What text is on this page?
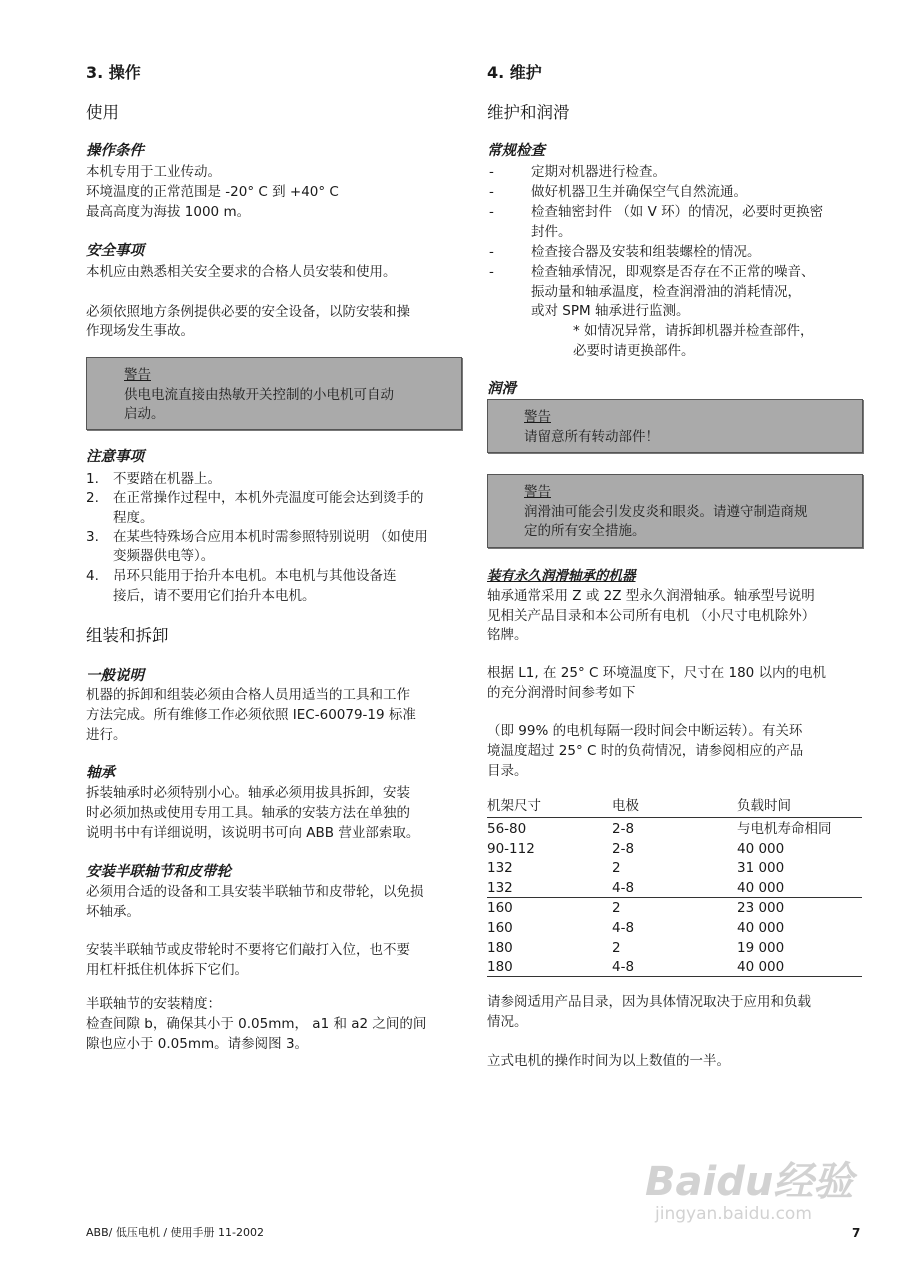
3. 操作
使用
操作条件
本机专用于工业传动。
环境温度的正常范围是 -20° C 到 +40° C
最高高度为海拔 1000 m。
安全事项
本机应由熟悉相关安全要求的合格人员安装和使用。
必须依照地方条例提供必要的安全设备，以防安装和操
作现场发生事故。
警告
供电电流直接由热敏开关控制的小电机可自动
启动。
注意事项
1. 不要踏在机器上。
2. 在正常操作过程中，本机外壳温度可能会达到烫手的
程度。
3. 在某些特殊场合应用本机时需参照特别说明 （如使用
变频器供电等）。
4. 吊环只能用于抬升本电机。本电机与其他设备连
接后，请不要用它们抬升本电机。
组装和拆卸
一般说明
机器的拆卸和组装必须由合格人员用适当的工具和工作
方法完成。所有维修工作必须依照 IEC-60079-19 标准
进行。
轴承
拆装轴承时必须特别小心。轴承必须用拔具拆卸，安装
时必须加热或使用专用工具。轴承的安装方法在单独的
说明书中有详细说明，该说明书可向 ABB 营业部索取。
安装半联轴节和皮带轮
必须用合适的设备和工具安装半联轴节和皮带轮，以免损
坏轴承。
安装半联轴节或皮带轮时不要将它们敲打入位，也不要
用杠杆抵住机体拆下它们。
半联轴节的安装精度：
检查间隙 b，确保其小于 0.05mm， a1 和 a2 之间的间
隙也应小于 0.05mm。请参阅图 3。
4. 维护
维护和润滑
常规检查
-	定期对机器进行检查。
-	做好机器卫生并确保空气自然流通。
-	检查轴密封件 （如 V 环）的情况，必要时更换密
封件。
-	检查接合器及安装和组装螺栓的情况。
-	检查轴承情况，即观察是否存在不正常的噪音、
振动量和轴承温度，检查润滑油的消耗情况，
或对 SPM 轴承进行监测。
* 如情况异常，请拆卸机器并检查部件，
必要时请更换部件。
润滑
警告
请留意所有转动部件！
警告
润滑油可能会引发皮炎和眼炎。请遵守制造商规
定的所有安全措施。
装有永久润滑轴承的机器
轴承通常采用 Z 或 2Z 型永久润滑轴承。轴承型号说明
见相关产品目录和本公司所有电机 （小尺寸电机除外）
铭牌。
根据 L1, 在 25° C 环境温度下，尺寸在 180 以内的电机
的充分润滑时间参考如下
（即 99% 的电机每隔一段时间会中断运转）。有关环
境温度超过 25° C 时的负荷情况，请参阅相应的产品
目录。
机架尺寸	电极	负载时间
56-80	2-8	与电机寿命相同
90-112	2-8	40 000
132	2	31 000
132	4-8	40 000
160	2	23 000
160	4-8	40 000
180	2	19 000
180	4-8	40 000
请参阅适用产品目录，因为具体情况取决于应用和负载
情况。
立式电机的操作时间为以上数值的一半。
Baidu经验
jingyan.baidu.com
ABB/ 低压电机 / 使用手册 11-2002	7
